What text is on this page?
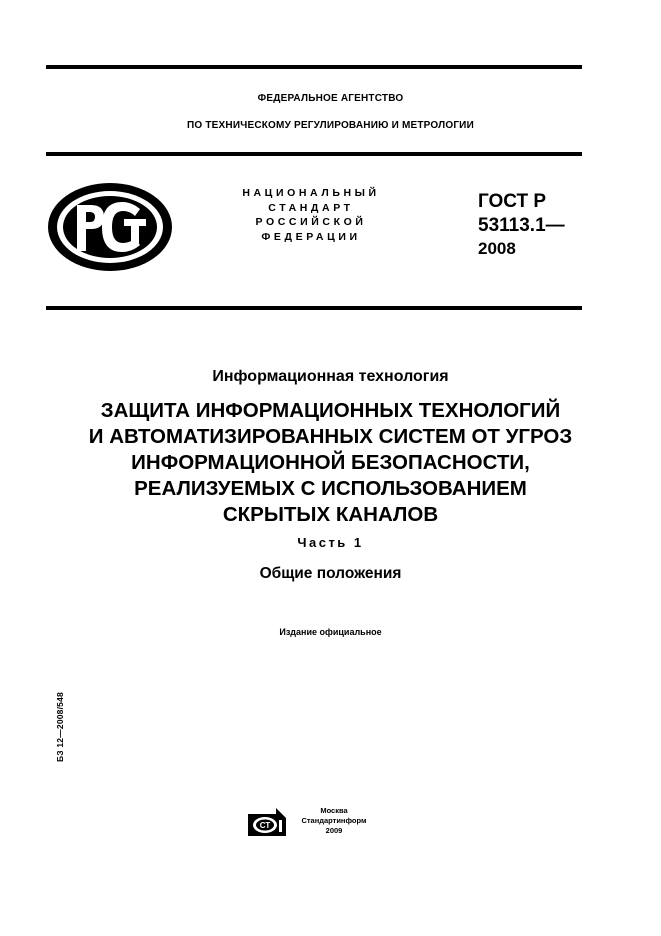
ФЕДЕРАЛЬНОЕ АГЕНТСТВО
ПО ТЕХНИЧЕСКОМУ РЕГУЛИРОВАНИЮ И МЕТРОЛОГИИ
НАЦИОНАЛЬНЫЙ
СТАНДАРТ
РОССИЙСКОЙ
ФЕДЕРАЦИИ
ГОСТ Р
53113.1—
2008
Информационная технология
ЗАЩИТА ИНФОРМАЦИОННЫХ ТЕХНОЛОГИЙ
И АВТОМАТИЗИРОВАННЫХ СИСТЕМ ОТ УГРОЗ
ИНФОРМАЦИОННОЙ БЕЗОПАСНОСТИ,
РЕАЛИЗУЕМЫХ С ИСПОЛЬЗОВАНИЕМ
СКРЫТЫХ КАНАЛОВ
Часть 1
Общие положения
Издание официальное
БЗ 12—2008/548
СТ
Москва
Стандартинформ
2009
